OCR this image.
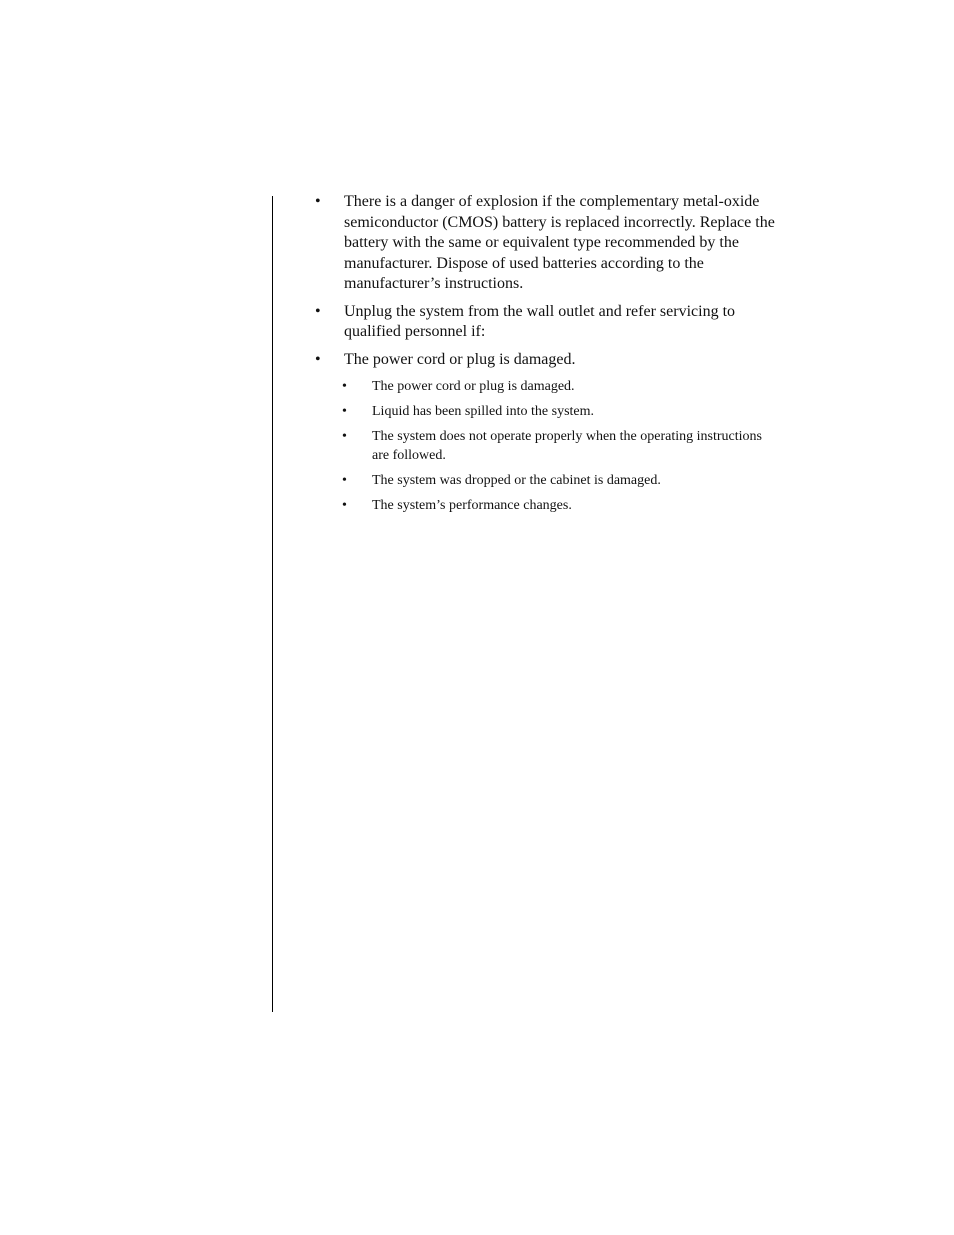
• There is a danger of explosion if the complementary metal-oxide semiconductor (CMOS) battery is replaced incorrectly. Replace the battery with the same or equivalent type recommended by the manufacturer. Dispose of used batteries according to the manufacturer’s instructions.
• Unplug the system from the wall outlet and refer servicing to qualified personnel if:
• The power cord or plug is damaged.
• The power cord or plug is damaged.
• Liquid has been spilled into the system.
• The system does not operate properly when the operating instructions are followed.
• The system was dropped or the cabinet is damaged.
• The system’s performance changes.
